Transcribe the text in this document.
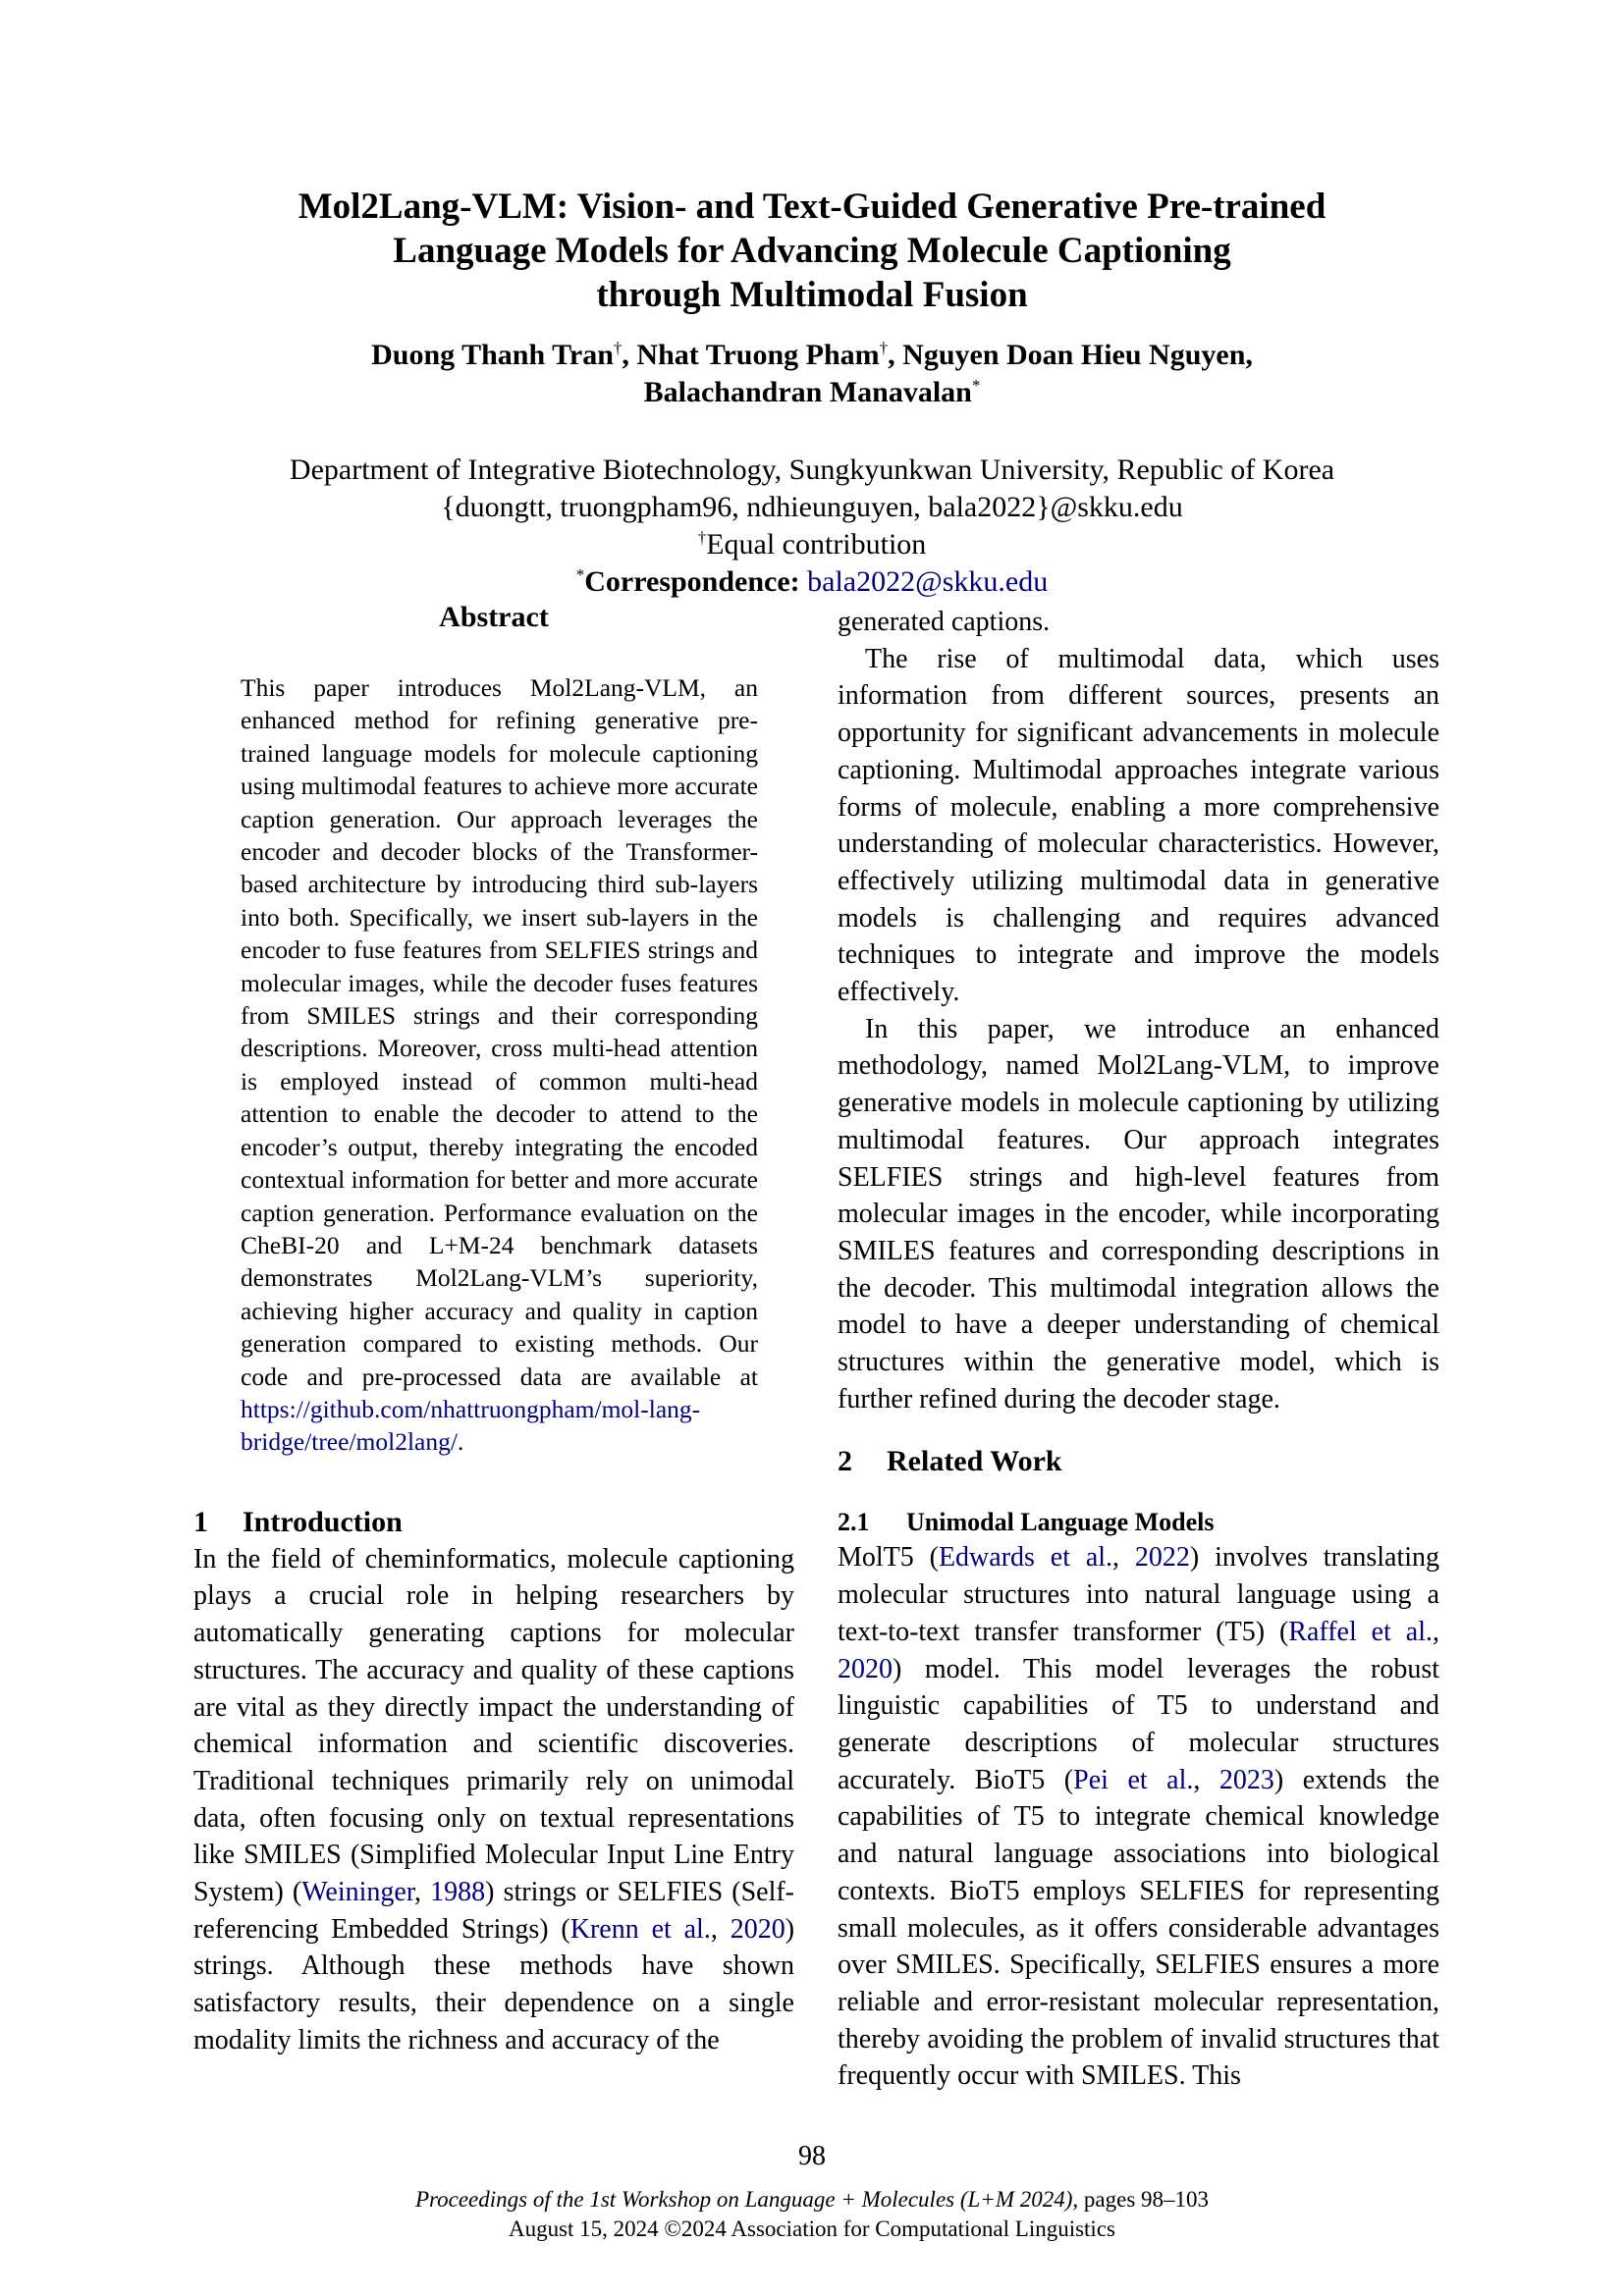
Mol2Lang-VLM: Vision- and Text-Guided Generative Pre-trained
Language Models for Advancing Molecule Captioning
through Multimodal Fusion
Duong Thanh Tran†, Nhat Truong Pham†, Nguyen Doan Hieu Nguyen,
Balachandran Manavalan*
Department of Integrative Biotechnology, Sungkyunkwan University, Republic of Korea
{duongtt, truongpham96, ndhieunguyen, bala2022}@skku.edu
†Equal contribution
*Correspondence: bala2022@skku.edu
Abstract
This paper introduces Mol2Lang-VLM, an enhanced method for refining generative pre-trained language models for molecule captioning using multimodal features to achieve more accurate caption generation. Our approach leverages the encoder and decoder blocks of the Transformer-based architecture by introducing third sub-layers into both. Specifically, we insert sub-layers in the encoder to fuse features from SELFIES strings and molecular images, while the decoder fuses features from SMILES strings and their corresponding descriptions. Moreover, cross multi-head attention is employed instead of common multi-head attention to enable the decoder to attend to the encoder’s output, thereby integrating the encoded contextual information for better and more accurate caption generation. Performance evaluation on the CheBI-20 and L+M-24 benchmark datasets demonstrates Mol2Lang-VLM’s superiority, achieving higher accuracy and quality in caption generation compared to existing methods. Our code and pre-processed data are available at https://github.com/nhattruongpham/mol-lang-bridge/tree/mol2lang/.
1 Introduction

In the field of cheminformatics, molecule captioning plays a crucial role in helping researchers by automatically generating captions for molecular structures. The accuracy and quality of these captions are vital as they directly impact the understanding of chemical information and scientific discoveries. Traditional techniques primarily rely on unimodal data, often focusing only on textual representations like SMILES (Simplified Molecular Input Line Entry System) (Weininger, 1988) strings or SELFIES (Self-referencing Embedded Strings) (Krenn et al., 2020) strings. Although these methods have shown satisfactory results, their dependence on a single modality limits the richness and accuracy of the

generated captions.

The rise of multimodal data, which uses information from different sources, presents an opportunity for significant advancements in molecule captioning. Multimodal approaches integrate various forms of molecule, enabling a more comprehensive understanding of molecular characteristics. However, effectively utilizing multimodal data in generative models is challenging and requires advanced techniques to integrate and improve the models effectively.

In this paper, we introduce an enhanced methodology, named Mol2Lang-VLM, to improve generative models in molecule captioning by utilizing multimodal features. Our approach integrates SELFIES strings and high-level features from molecular images in the encoder, while incorporating SMILES features and corresponding descriptions in the decoder. This multimodal integration allows the model to have a deeper understanding of chemical structures within the generative model, which is further refined during the decoder stage.

2 Related Work
2.1 Unimodal Language Models

MolT5 (Edwards et al., 2022) involves translating molecular structures into natural language using a text-to-text transfer transformer (T5) (Raffel et al., 2020) model. This model leverages the robust linguistic capabilities of T5 to understand and generate descriptions of molecular structures accurately. BioT5 (Pei et al., 2023) extends the capabilities of T5 to integrate chemical knowledge and natural language associations into biological contexts. BioT5 employs SELFIES for representing small molecules, as it offers considerable advantages over SMILES. Specifically, SELFIES ensures a more reliable and error-resistant molecular representation, thereby avoiding the problem of invalid structures that frequently occur with SMILES. This

98
Proceedings of the 1st Workshop on Language + Molecules (L+M 2024), pages 98–103
August 15, 2024 ©2024 Association for Computational Linguistics
